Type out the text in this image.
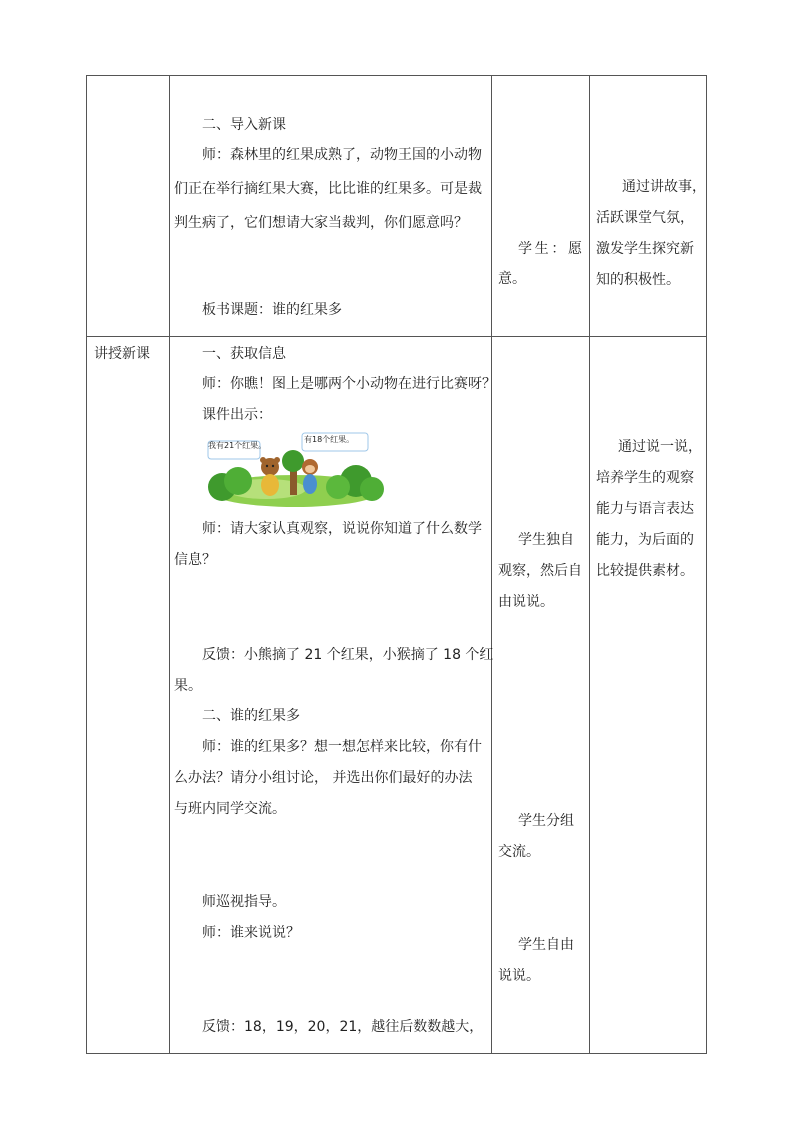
二、导入新课
师：森林里的红果成熟了，动物王国的小动物
们正在举行摘红果大赛，比比谁的红果多。可是裁
判生病了，它们想请大家当裁判，你们愿意吗？
板书课题：谁的红果多
学 生 ： 愿
意。
通过讲故事，
活跃课堂气氛，
激发学生探究新
知的积极性。
讲授新课	一、获取信息
师：你瞧！图上是哪两个小动物在进行比赛呀？
课件出示：
我有21个红果。
有18个红果。
师：请大家认真观察，说说你知道了什么数学
信息？
反馈：小熊摘了 21 个红果，小猴摘了 18 个红
果。
二、谁的红果多
师：谁的红果多？想一想怎样来比较，你有什
么办法？请分小组讨论， 并选出你们最好的办法
与班内同学交流。
师巡视指导。
师：谁来说说？
反馈：18，19，20，21，越往后数数越大，
学生独自
观察，然后自
由说说。
学生分组
交流。
学生自由
说说。
通过说一说，
培养学生的观察
能力与语言表达
能力，为后面的
比较提供素材。
